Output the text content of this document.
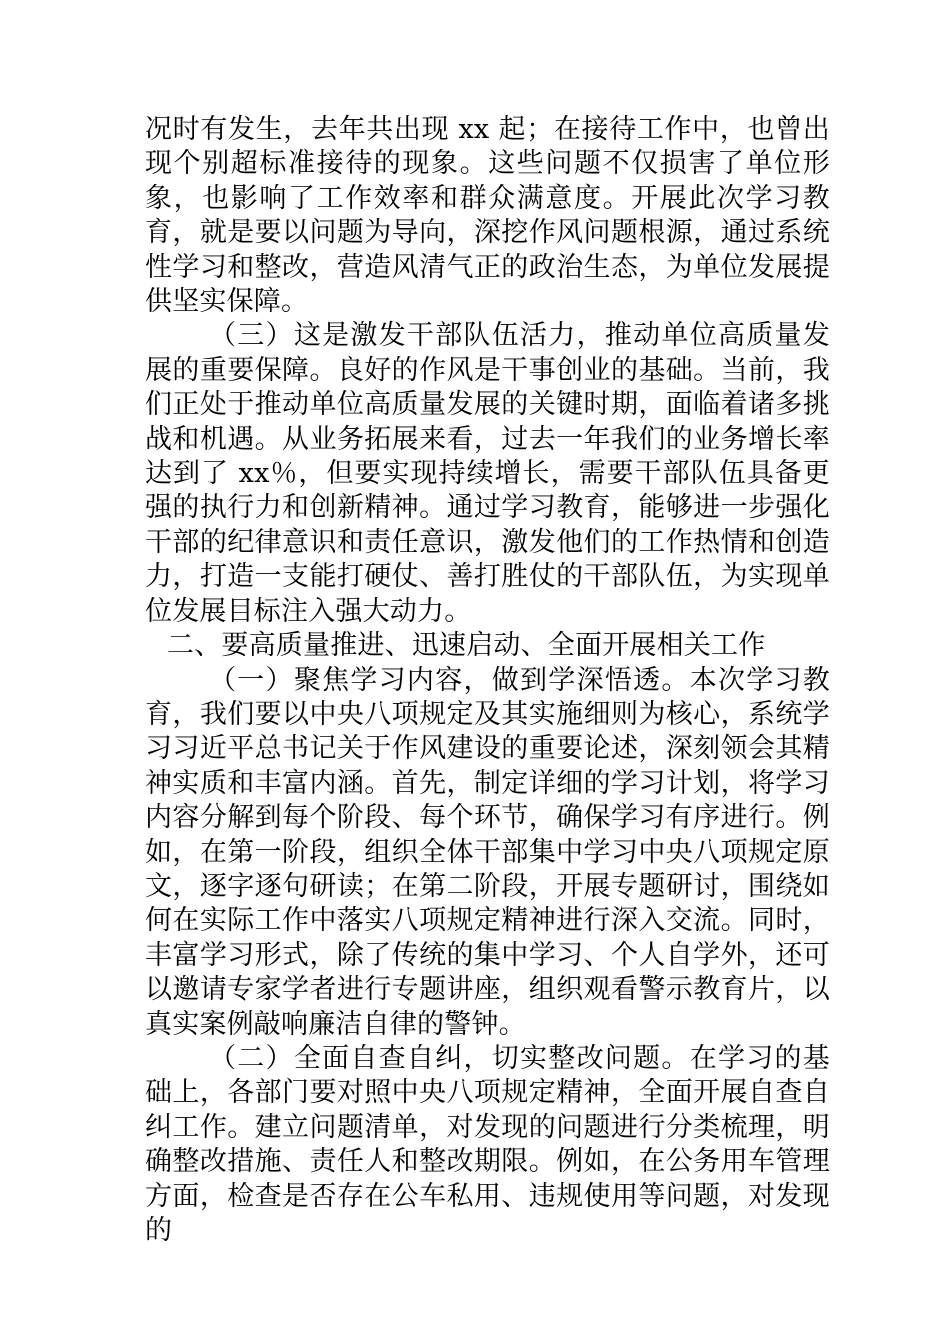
况时有发生，去年共出现 xx 起；在接待工作中，也曾出现个别超标准接待的现象。这些问题不仅损害了单位形象，也影响了工作效率和群众满意度。开展此次学习教育，就是要以问题为导向，深挖作风问题根源，通过系统性学习和整改，营造风清气正的政治生态，为单位发展提供坚实保障。

（三）这是激发干部队伍活力，推动单位高质量发展的重要保障。良好的作风是干事创业的基础。当前，我们正处于推动单位高质量发展的关键时期，面临着诸多挑战和机遇。从业务拓展来看，过去一年我们的业务增长率达到了 xx％，但要实现持续增长，需要干部队伍具备更强的执行力和创新精神。通过学习教育，能够进一步强化干部的纪律意识和责任意识，激发他们的工作热情和创造力，打造一支能打硬仗、善打胜仗的干部队伍，为实现单位发展目标注入强大动力。

二、要高质量推进、迅速启动、全面开展相关工作

（一）聚焦学习内容，做到学深悟透。本次学习教育，我们要以中央八项规定及其实施细则为核心，系统学习习近平总书记关于作风建设的重要论述，深刻领会其精神实质和丰富内涵。首先，制定详细的学习计划，将学习内容分解到每个阶段、每个环节，确保学习有序进行。例如，在第一阶段，组织全体干部集中学习中央八项规定原文，逐字逐句研读；在第二阶段，开展专题研讨，围绕如何在实际工作中落实八项规定精神进行深入交流。同时，丰富学习形式，除了传统的集中学习、个人自学外，还可以邀请专家学者进行专题讲座，组织观看警示教育片，以真实案例敲响廉洁自律的警钟。

（二）全面自查自纠，切实整改问题。在学习的基础上，各部门要对照中央八项规定精神，全面开展自查自纠工作。建立问题清单，对发现的问题进行分类梳理，明确整改措施、责任人和整改期限。例如，在公务用车管理方面，检查是否存在公车私用、违规使用等问题，对发现的
